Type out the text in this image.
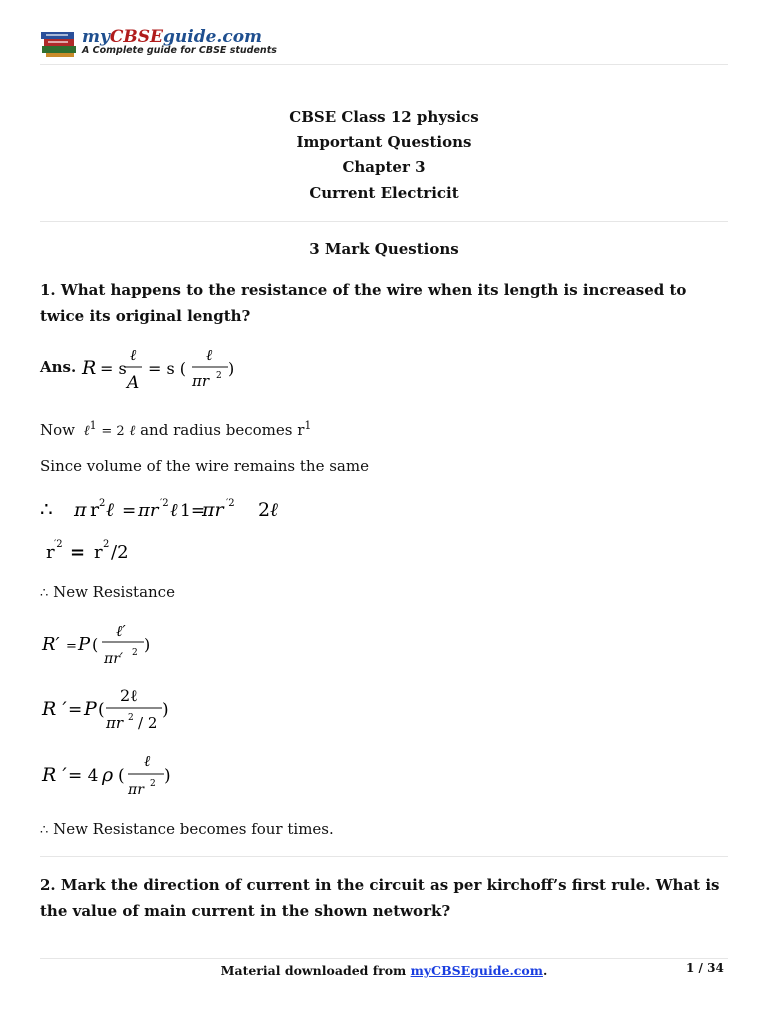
myCBSEguide.com
A Complete guide for CBSE students
CBSE Class 12 physics
Important Questions
Chapter 3
Current Electricit
3 Mark Questions
1. What happens to the resistance of the wire when its length is increased to twice its original length?
Ans. R = s
ℓ
A
= s (
ℓ
πr 2 )
Now ℓ$^1$ = 2 ℓ and radius becomes $r^1$
Since volume of the wire remains the same
∴ π r 2 ℓ = πr ′2 ℓ 1=
πr ′2 2 ℓ
r ′2 = r 2 /2
∴ New Resistance
R′ = P (
ℓ′
πr′ 2 )
R ′ = P (
2ℓ
πr 2 / 2
)
R ′ = 4 ρ (
ℓ
πr 2 )
∴ New Resistance becomes four times.
2. Mark the direction of current in the circuit as per kirchoff’s first rule. What is the value of main current in the shown network?
Material downloaded from myCBSEguide.com.	1 / 34
